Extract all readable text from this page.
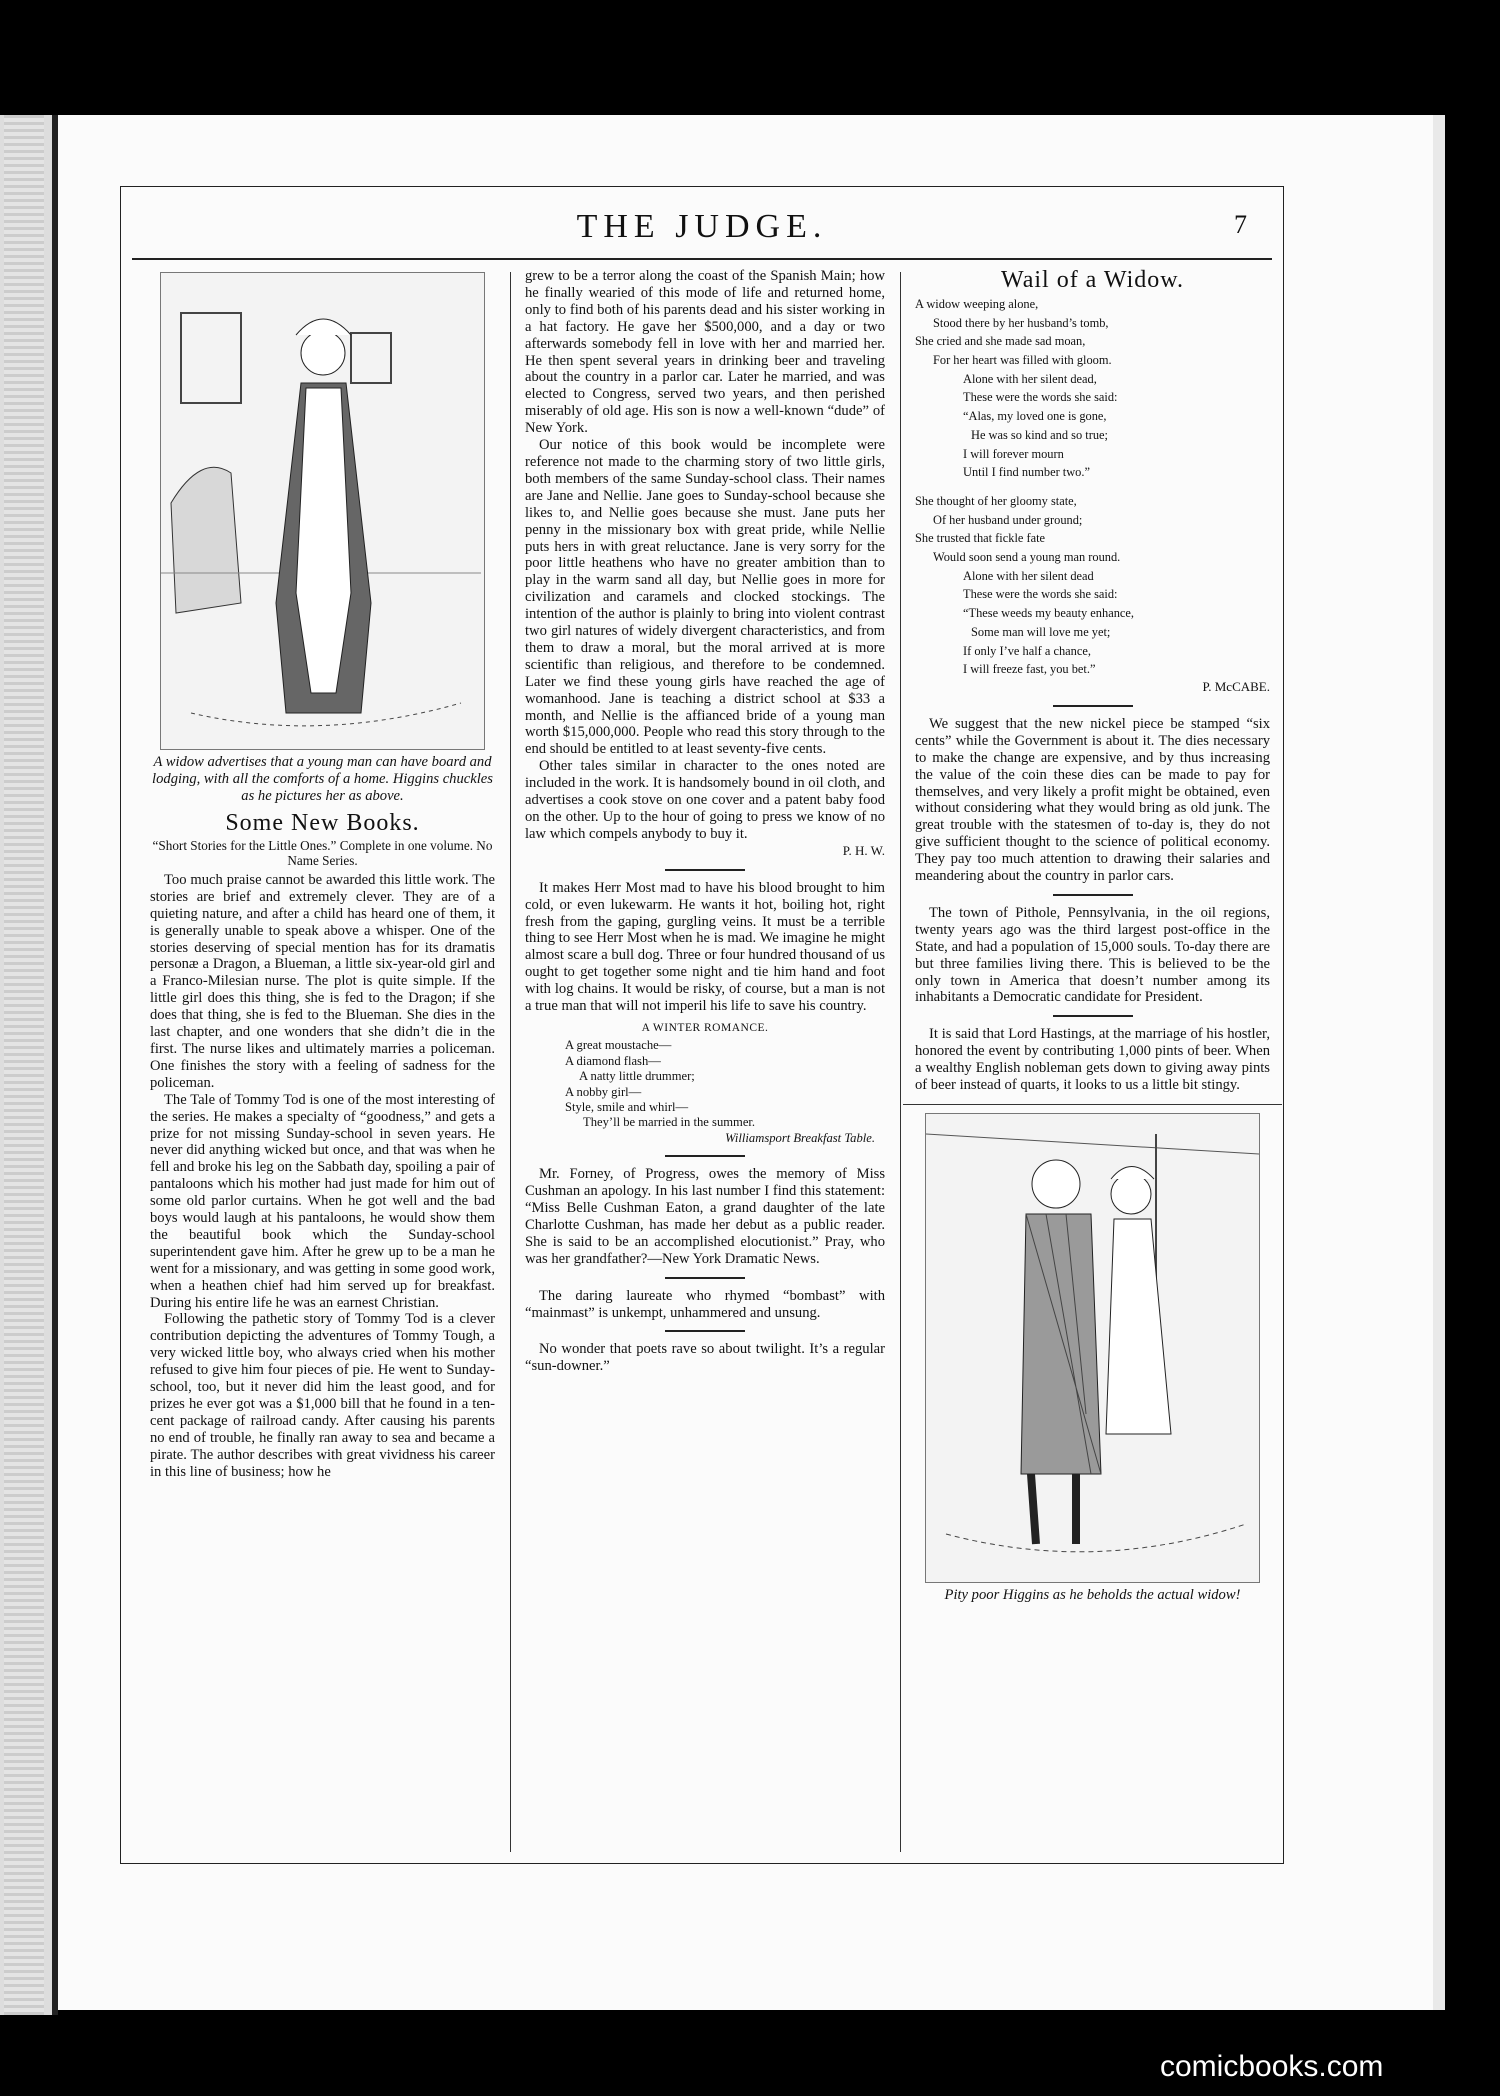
THE JUDGE.	7
A widow advertises that a young man can have board and lodging, with all the comforts of a home. Higgins chuckles as he pictures her as above.
Some New Books.
“Short Stories for the Little Ones.” Complete in one volume. No Name Series.

Too much praise cannot be awarded this little work. The stories are brief and extremely clever. They are of a quieting nature, and after a child has heard one of them, it is generally unable to speak above a whisper. One of the stories deserving of special mention has for its dramatis personæ a Dragon, a Blueman, a little six-year-old girl and a Franco-Milesian nurse. The plot is quite simple. If the little girl does this thing, she is fed to the Dragon; if she does that thing, she is fed to the Blueman. She dies in the last chapter, and one wonders that she didn’t die in the first. The nurse likes and ultimately marries a policeman. One finishes the story with a feeling of sadness for the policeman.

The Tale of Tommy Tod is one of the most interesting of the series. He makes a specialty of “goodness,” and gets a prize for not missing Sunday-school in seven years. He never did anything wicked but once, and that was when he fell and broke his leg on the Sabbath day, spoiling a pair of pantaloons which his mother had just made for him out of some old parlor curtains. When he got well and the bad boys would laugh at his pantaloons, he would show them the beautiful book which the Sunday-school superintendent gave him. After he grew up to be a man he went for a missionary, and was getting in some good work, when a heathen chief had him served up for breakfast. During his entire life he was an earnest Christian.

Following the pathetic story of Tommy Tod is a clever contribution depicting the adventures of Tommy Tough, a very wicked little boy, who always cried when his mother refused to give him four pieces of pie. He went to Sunday-school, too, but it never did him the least good, and for prizes he ever got was a $1,000 bill that he found in a ten-cent package of railroad candy. After causing his parents no end of trouble, he finally ran away to sea and became a pirate. The author describes with great vividness his career in this line of business; how he

grew to be a terror along the coast of the Spanish Main; how he finally wearied of this mode of life and returned home, only to find both of his parents dead and his sister working in a hat factory. He gave her $500,000, and a day or two afterwards somebody fell in love with her and married her. He then spent several years in drinking beer and traveling about the country in a parlor car. Later he married, and was elected to Congress, served two years, and then perished miserably of old age. His son is now a well-known “dude” of New York.

Our notice of this book would be incomplete were reference not made to the charming story of two little girls, both members of the same Sunday-school class. Their names are Jane and Nellie. Jane goes to Sunday-school because she likes to, and Nellie goes because she must. Jane puts her penny in the missionary box with great pride, while Nellie puts hers in with great reluctance. Jane is very sorry for the poor little heathens who have no greater ambition than to play in the warm sand all day, but Nellie goes in more for civilization and caramels and clocked stockings. The intention of the author is plainly to bring into violent contrast two girl natures of widely divergent characteristics, and from them to draw a moral, but the moral arrived at is more scientific than religious, and therefore to be condemned. Later we find these young girls have reached the age of womanhood. Jane is teaching a district school at $33 a month, and Nellie is the affianced bride of a young man worth $15,000,000. People who read this story through to the end should be entitled to at least seventy-five cents.

Other tales similar in character to the ones noted are included in the work. It is handsomely bound in oil cloth, and advertises a cook stove on one cover and a patent baby food on the other. Up to the hour of going to press we know of no law which compels anybody to buy it.

P. H. W.

It makes Herr Most mad to have his blood brought to him cold, or even lukewarm. He wants it hot, boiling hot, right fresh from the gaping, gurgling veins. It must be a terrible thing to see Herr Most when he is mad. We imagine he might almost scare a bull dog. Three or four hundred thousand of us ought to get together some night and tie him hand and foot with log chains. It would be risky, of course, but a man is not a true man that will not imperil his life to save his country.

A WINTER ROMANCE.
A great moustache—
A diamond flash—
A natty little drummer;
A nobby girl—
Style, smile and whirl—
They’ll be married in the summer.
Williamsport Breakfast Table.

Mr. Forney, of Progress, owes the memory of Miss Cushman an apology. In his last number I find this statement: “Miss Belle Cushman Eaton, a grand daughter of the late Charlotte Cushman, has made her debut as a public reader. She is said to be an accomplished elocutionist.” Pray, who was her grandfather?—New York Dramatic News.

The daring laureate who rhymed “bombast” with “mainmast” is unkempt, unhammered and unsung.

No wonder that poets rave so about twilight. It’s a regular “sun-downer.”

Wail of a Widow.
A widow weeping alone,
Stood there by her husband’s tomb,
She cried and she made sad moan,
For her heart was filled with gloom.
Alone with her silent dead,
These were the words she said:
“Alas, my loved one is gone,
He was so kind and so true;
I will forever mourn
Until I find number two.”
She thought of her gloomy state,
Of her husband under ground;
She trusted that fickle fate
Would soon send a young man round.
Alone with her silent dead
These were the words she said:
“These weeds my beauty enhance,
Some man will love me yet;
If only I’ve half a chance,
I will freeze fast, you bet.”
P. McCABE.

We suggest that the new nickel piece be stamped “six cents” while the Government is about it. The dies necessary to make the change are expensive, and by thus increasing the value of the coin these dies can be made to pay for themselves, and very likely a profit might be obtained, even without considering what they would bring as old junk. The great trouble with the statesmen of to-day is, they do not give sufficient thought to the science of political economy. They pay too much attention to drawing their salaries and meandering about the country in parlor cars.

The town of Pithole, Pennsylvania, in the oil regions, twenty years ago was the third largest post-office in the State, and had a population of 15,000 souls. To-day there are but three families living there. This is believed to be the only town in America that doesn’t number among its inhabitants a Democratic candidate for President.

It is said that Lord Hastings, at the marriage of his hostler, honored the event by contributing 1,000 pints of beer. When a wealthy English nobleman gets down to giving away pints of beer instead of quarts, it looks to us a little bit stingy.

Pity poor Higgins as he beholds the actual widow!
comicbooks.com
